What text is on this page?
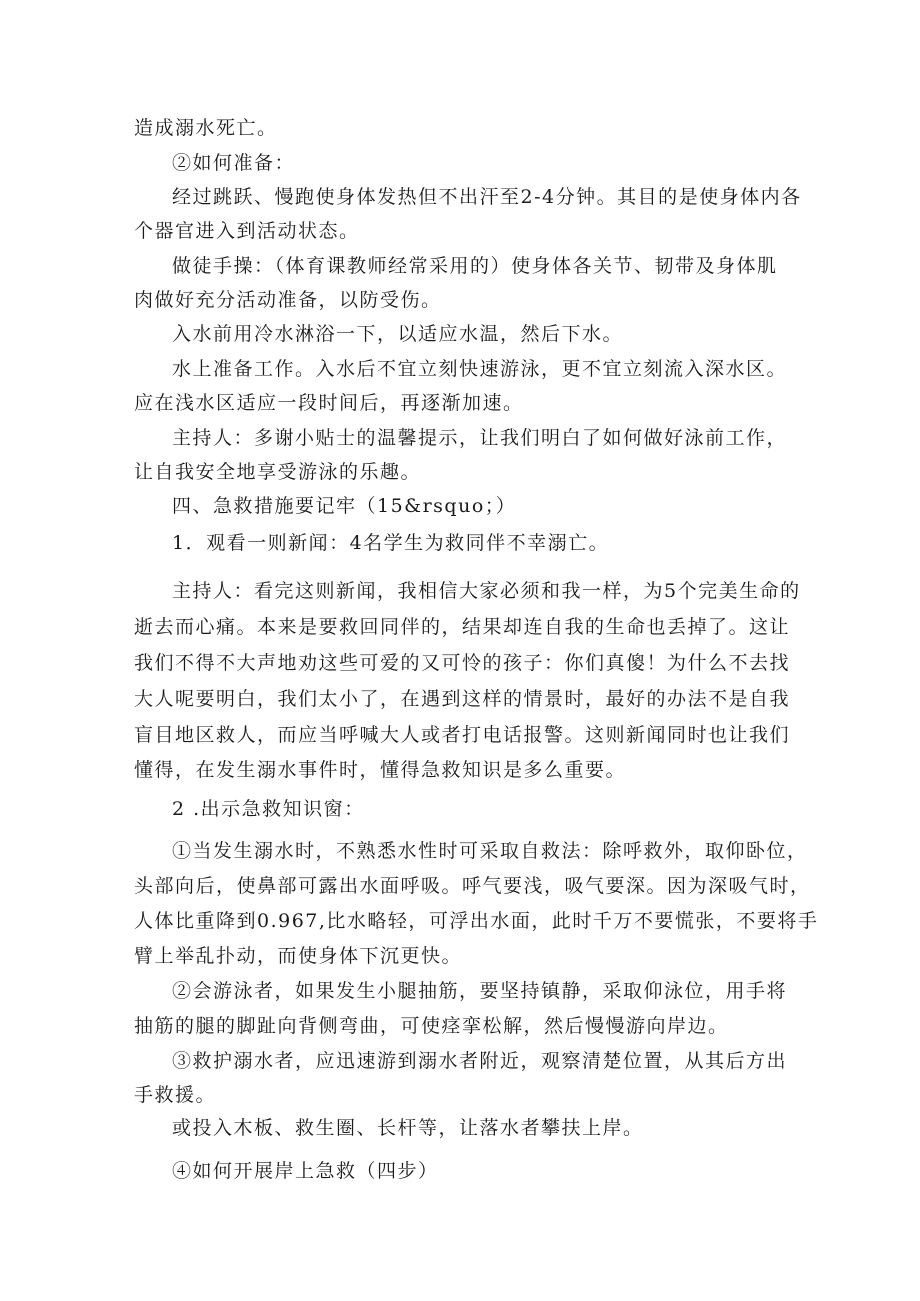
造成溺水死亡。
②如何准备：
经过跳跃、慢跑使身体发热但不出汗至2-4分钟。其目的是使身体内各
个器官进入到活动状态。
做徒手操：（体育课教师经常采用的）使身体各关节、韧带及身体肌
肉做好充分活动准备，以防受伤。
入水前用冷水淋浴一下，以适应水温，然后下水。
水上准备工作。入水后不宜立刻快速游泳，更不宜立刻流入深水区。
应在浅水区适应一段时间后，再逐渐加速。
主持人：多谢小贴士的温馨提示，让我们明白了如何做好泳前工作，
让自我安全地享受游泳的乐趣。
四、急救措施要记牢（15&rsquo；）
1．观看一则新闻：4名学生为救同伴不幸溺亡。
主持人：看完这则新闻，我相信大家必须和我一样，为5个完美生命的
逝去而心痛。本来是要救回同伴的，结果却连自我的生命也丢掉了。这让
我们不得不大声地劝这些可爱的又可怜的孩子：你们真傻！为什么不去找
大人呢要明白，我们太小了，在遇到这样的情景时，最好的办法不是自我
盲目地区救人，而应当呼喊大人或者打电话报警。这则新闻同时也让我们
懂得，在发生溺水事件时，懂得急救知识是多么重要。
2 .出示急救知识窗：
①当发生溺水时，不熟悉水性时可采取自救法：除呼救外，取仰卧位，
头部向后，使鼻部可露出水面呼吸。呼气要浅，吸气要深。因为深吸气时，
人体比重降到0.967,比水略轻，可浮出水面，此时千万不要慌张，不要将手
臂上举乱扑动，而使身体下沉更快。
②会游泳者，如果发生小腿抽筋，要坚持镇静，采取仰泳位，用手将
抽筋的腿的脚趾向背侧弯曲，可使痉挛松解，然后慢慢游向岸边。
③救护溺水者，应迅速游到溺水者附近，观察清楚位置，从其后方出
手救援。
或投入木板、救生圈、长杆等，让落水者攀扶上岸。
④如何开展岸上急救（四步）
